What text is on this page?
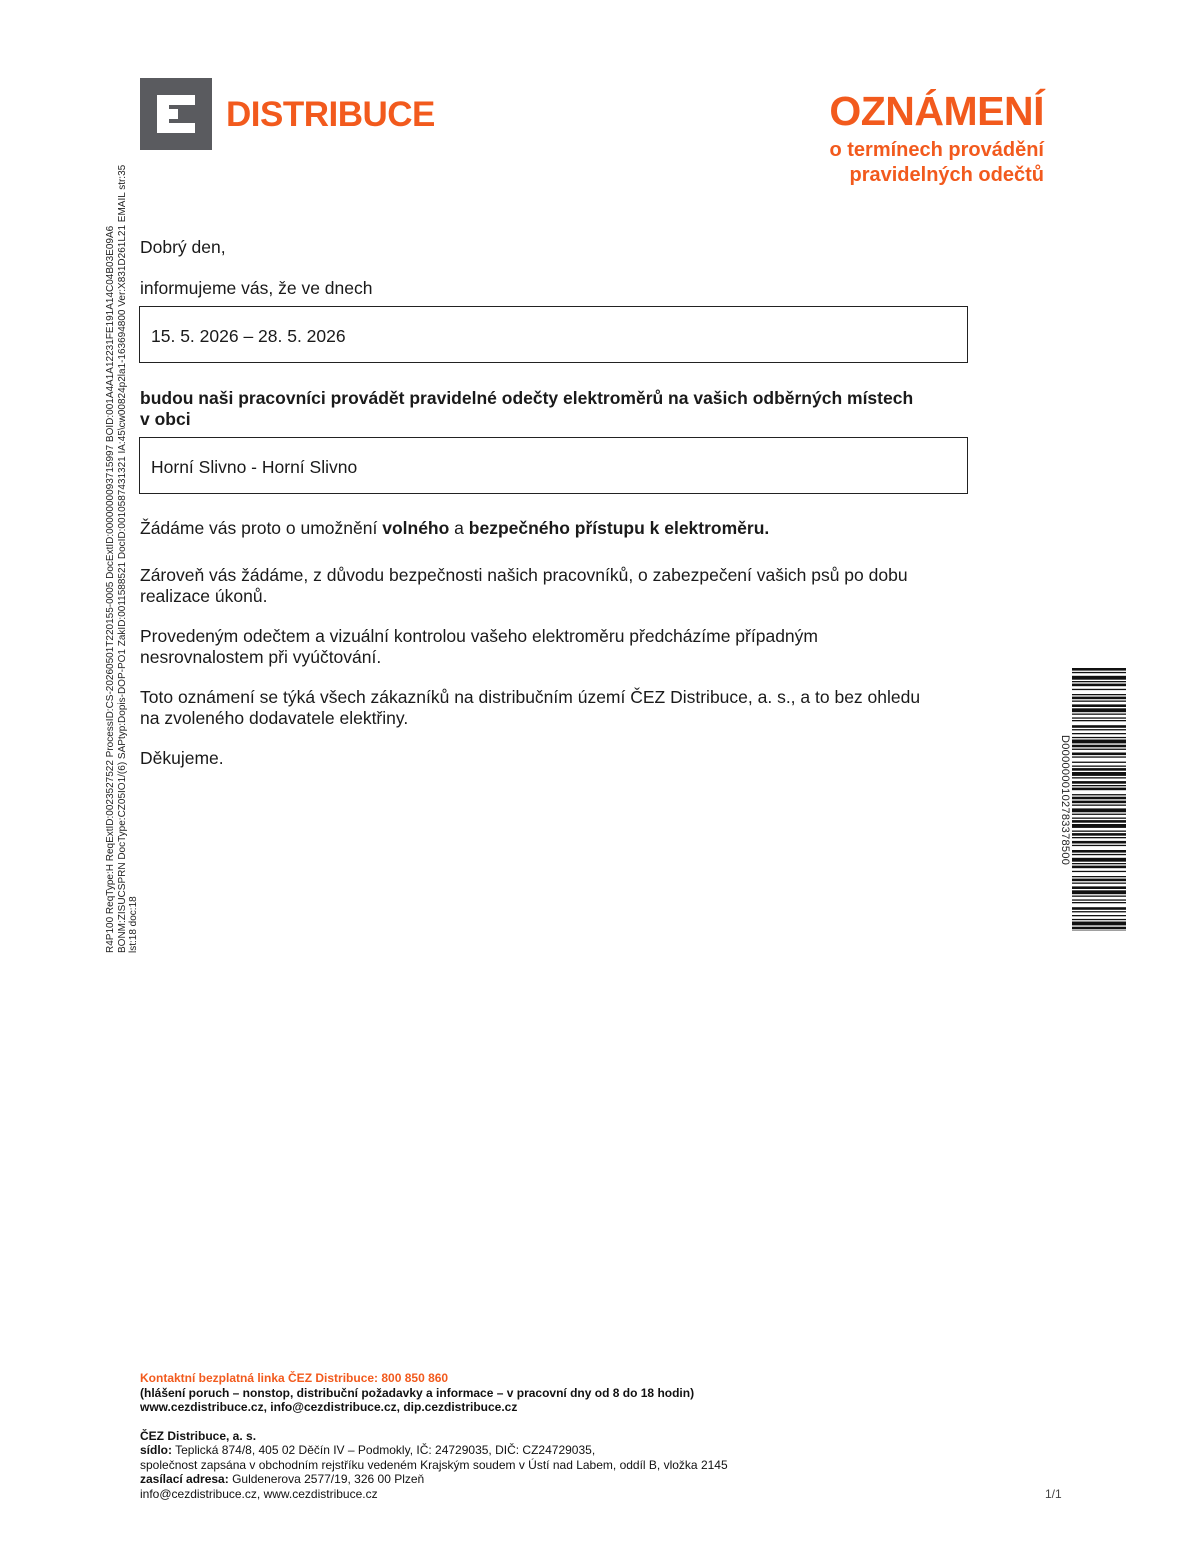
DISTRIBUCE	OZNÁMENÍ
o termínech provádění
pravidelných odečtů
R4P100 ReqType:H ReqExtID:0023527522 ProcessID:CS-20260501T220155-0005 DocExtID:0000000093715997 BOID:001A4A1A12231FE191A14C04B03E09A6 BONM:ZISUCSPRN DocType:CZ05IO1/(6) SAPtyp:Dopis-DOP-PO1 ZakID:0011588521 DocID:0010587431321 IA:45\cw00824p2la1-163694800 Ver:X831D261L21 EMAIL str:35 lst:18 doc:18
Dobrý den,
informujeme vás, že ve dnech
15. 5. 2026 – 28. 5. 2026
budou naši pracovníci provádět pravidelné odečty elektroměrů na vašich odběrných místech
v obci
Horní Slivno - Horní Slivno
Žádáme vás proto o umožnění volného a bezpečného přístupu k elektroměru.
Zároveň vás žádáme, z důvodu bezpečnosti našich pracovníků, o zabezpečení vašich psů po dobu
realizace úkonů.
Provedeným odečtem a vizuální kontrolou vašeho elektroměru předcházíme případným
nesrovnalostem při vyúčtování.
Toto oznámení se týká všech zákazníků na distribučním území ČEZ Distribuce, a. s., a to bez ohledu
na zvoleného dodavatele elektřiny.
Děkujeme.	D0000000102783378500
Kontaktní bezplatná linka ČEZ Distribuce: 800 850 860
(hlášení poruch – nonstop, distribuční požadavky a informace – v pracovní dny od 8 do 18 hodin)
www.cezdistribuce.cz, info@cezdistribuce.cz, dip.cezdistribuce.cz
ČEZ Distribuce, a. s.
sídlo: Teplická 874/8, 405 02 Děčín IV – Podmokly, IČ: 24729035, DIČ: CZ24729035,
společnost zapsána v obchodním rejstříku vedeném Krajským soudem v Ústí nad Labem, oddíl B, vložka 2145
zasílací adresa: Guldenerova 2577/19, 326 00 Plzeň
info@cezdistribuce.cz, www.cezdistribuce.cz	1/1
